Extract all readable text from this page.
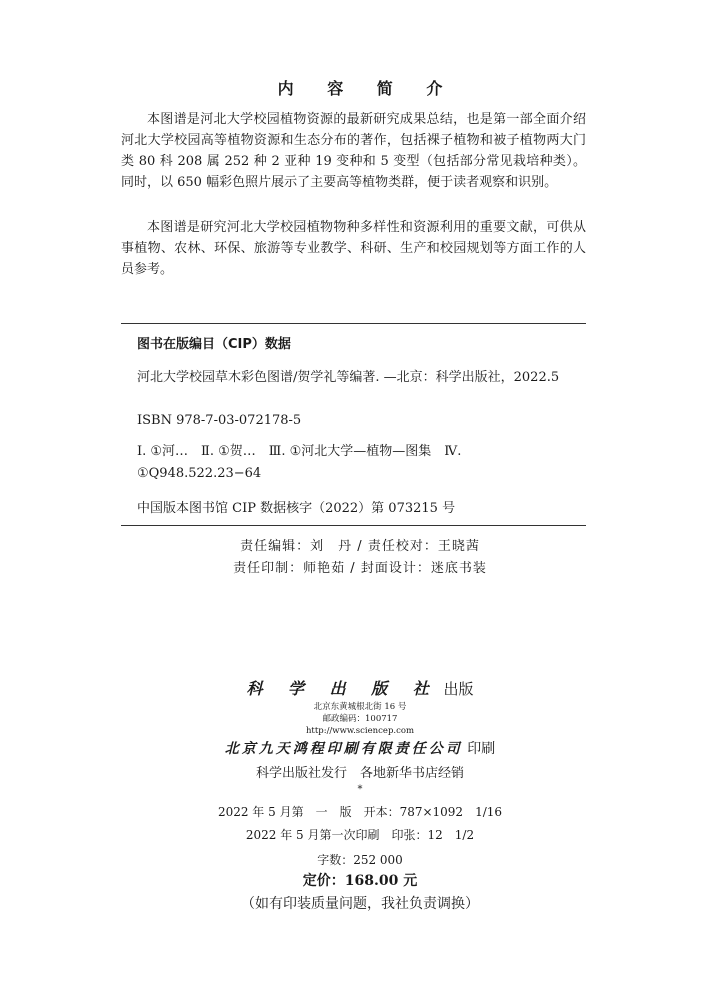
内 容 简 介

本图谱是河北大学校园植物资源的最新研究成果总结，也是第一部全面介绍河北大学校园高等植物资源和生态分布的著作，包括裸子植物和被子植物两大门类 80 科 208 属 252 种 2 亚种 19 变种和 5 变型（包括部分常见栽培种类）。同时，以 650 幅彩色照片展示了主要高等植物类群，便于读者观察和识别。

本图谱是研究河北大学校园植物物种多样性和资源利用的重要文献，可供从事植物、农林、环保、旅游等专业教学、科研、生产和校园规划等方面工作的人员参考。

图书在版编目（CIP）数据

河北大学校园草木彩色图谱/贺学礼等编著. —北京：科学出版社，2022.5

ISBN 978-7-03-072178-5

Ⅰ. ①河…　Ⅱ. ①贺…　Ⅲ. ①河北大学—植物—图集　Ⅳ. ①Q948.522.23−64

中国版本图书馆 CIP 数据核字（2022）第 073215 号

责任编辑：刘　丹 / 责任校对：王晓茜
责任印制：师艳茹 / 封面设计：迷底书装
科 学 出 版 社 出版
北京东黄城根北街 16 号
邮政编码：100717
http://www.sciencep.com
北京九天鸿程印刷有限责任公司 印刷
科学出版社发行　各地新华书店经销
*
2022 年 5 月第　一　版　开本：787×1092　1/16
2022 年 5 月第一次印刷　印张：12　1/2
字数：252 000
定价：168.00 元
（如有印装质量问题，我社负责调换）
